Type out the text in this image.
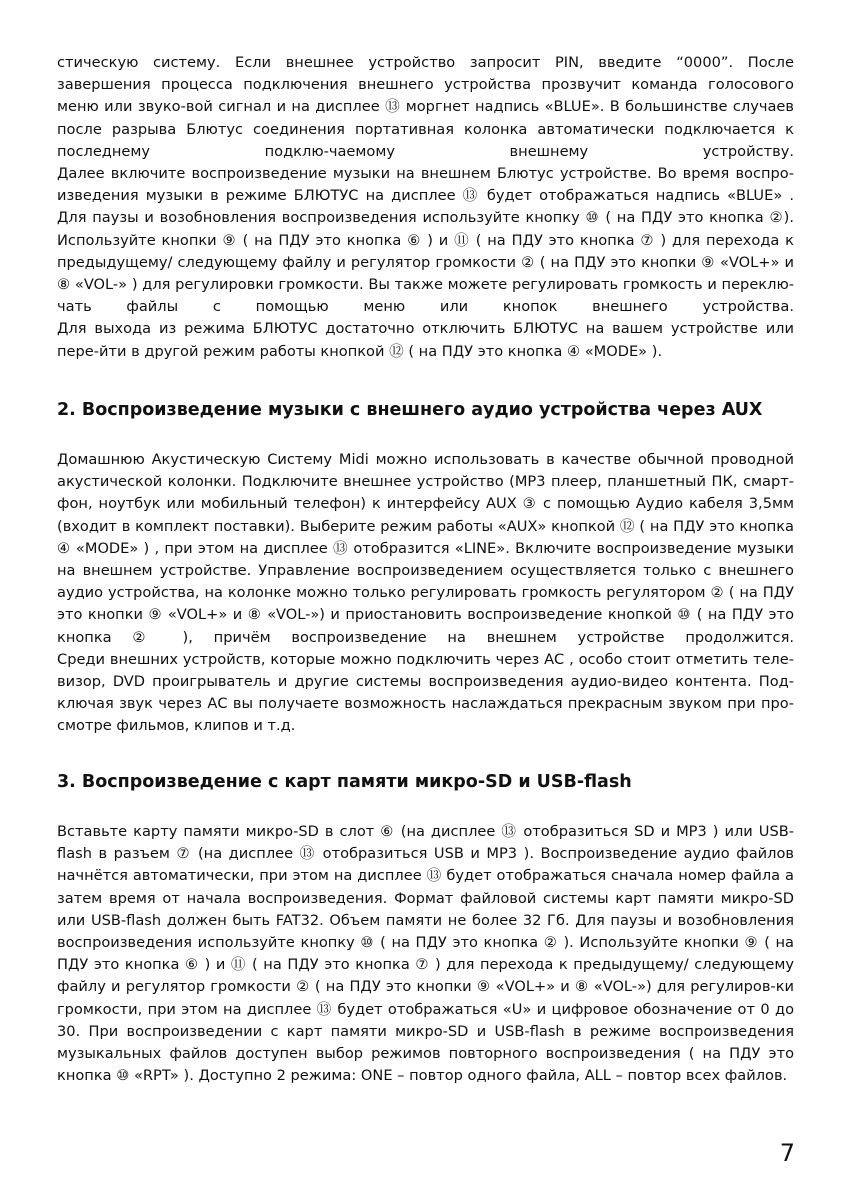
стическую систему. Если внешнее устройство запросит PIN, введите “0000”. После завершения процесса подключения внешнего устройства прозвучит команда голосового меню или звуко-вой сигнал и на дисплее ⑬ моргнет надпись «BLUE». В большинстве случаев после разрыва Блютус соединения портативная колонка автоматически подключается к последнему подклю-чаемому внешнему устройству.

Далее включите воспроизведение музыки на внешнем Блютус устройстве. Во время воспро-изведения музыки в режиме БЛЮТУС на дисплее ⑬ будет отображаться надпись «BLUE» . Для паузы и возобновления воспроизведения используйте кнопку ⑩ ( на ПДУ это кнопка ②). Используйте кнопки ⑨ ( на ПДУ это кнопка ⑥ ) и ⑪ ( на ПДУ это кнопка ⑦ ) для перехода к предыдущему/ следующему файлу и регулятор громкости ② ( на ПДУ это кнопки ⑨ «VOL+» и ⑧ «VOL-» ) для регулировки громкости. Вы также можете регулировать громкость и переклю-чать файлы с помощью меню или кнопок внешнего устройства.

Для выхода из режима БЛЮТУС достаточно отключить БЛЮТУС на вашем устройстве или пере-йти в другой режим работы кнопкой ⑫ ( на ПДУ это кнопка ④ «MODE» ).

2. Воспроизведение музыки с внешнего аудио устройства через AUX

Домашнюю Акустическую Систему Midi можно использовать в качестве обычной проводной акустической колонки. Подключите внешнее устройство (MP3 плеер, планшетный ПК, смарт-фон, ноутбук или мобильный телефон) к интерфейсу AUX ③ с помощью Аудио кабеля 3,5мм (входит в комплект поставки). Выберите режим работы «AUX» кнопкой ⑫ ( на ПДУ это кнопка ④ «MODE» ) , при этом на дисплее ⑬ отобразится «LINE». Включите воспроизведение музыки на внешнем устройстве. Управление воспроизведением осуществляется только с внешнего аудио устройства, на колонке можно только регулировать громкость регулятором ② ( на ПДУ это кнопки ⑨ «VOL+» и ⑧ «VOL-») и приостановить воспроизведение кнопкой ⑩ ( на ПДУ это кнопка ② ), причём воспроизведение на внешнем устройстве продолжится.

Среди внешних устройств, которые можно подключить через АС , особо стоит отметить теле-визор, DVD проигрыватель и другие системы воспроизведения аудио-видео контента. Под-ключая звук через АС вы получаете возможность наслаждаться прекрасным звуком при про-смотре фильмов, клипов и т.д.

3. Воспроизведение с карт памяти микро-SD и USB-flash

Вставьте карту памяти микро-SD в слот ⑥ (на дисплее ⑬ отобразиться SD и MP3 ) или USB-flash в разъем ⑦ (на дисплее ⑬ отобразиться USB и MP3 ). Воспроизведение аудио файлов начнётся автоматически, при этом на дисплее ⑬ будет отображаться сначала номер файла а затем время от начала воспроизведения. Формат файловой системы карт памяти микро-SD или USB-flash должен быть FAT32. Объем памяти не более 32 Гб. Для паузы и возобновления воспроизведения используйте кнопку ⑩ ( на ПДУ это кнопка ② ). Используйте кнопки ⑨ ( на ПДУ это кнопка ⑥ ) и ⑪ ( на ПДУ это кнопка ⑦ ) для перехода к предыдущему/ следующему файлу и регулятор громкости ② ( на ПДУ это кнопки ⑨ «VOL+» и ⑧ «VOL-») для регулиров-ки громкости, при этом на дисплее ⑬ будет отображаться «U» и цифровое обозначение от 0 до 30. При воспроизведении с карт памяти микро-SD и USB-flash в режиме воспроизведения музыкальных файлов доступен выбор режимов повторного воспроизведения ( на ПДУ это кнопка ⑩ «RPT» ). Доступно 2 режима: ONE – повтор одного файла, ALL – повтор всех файлов.

7
